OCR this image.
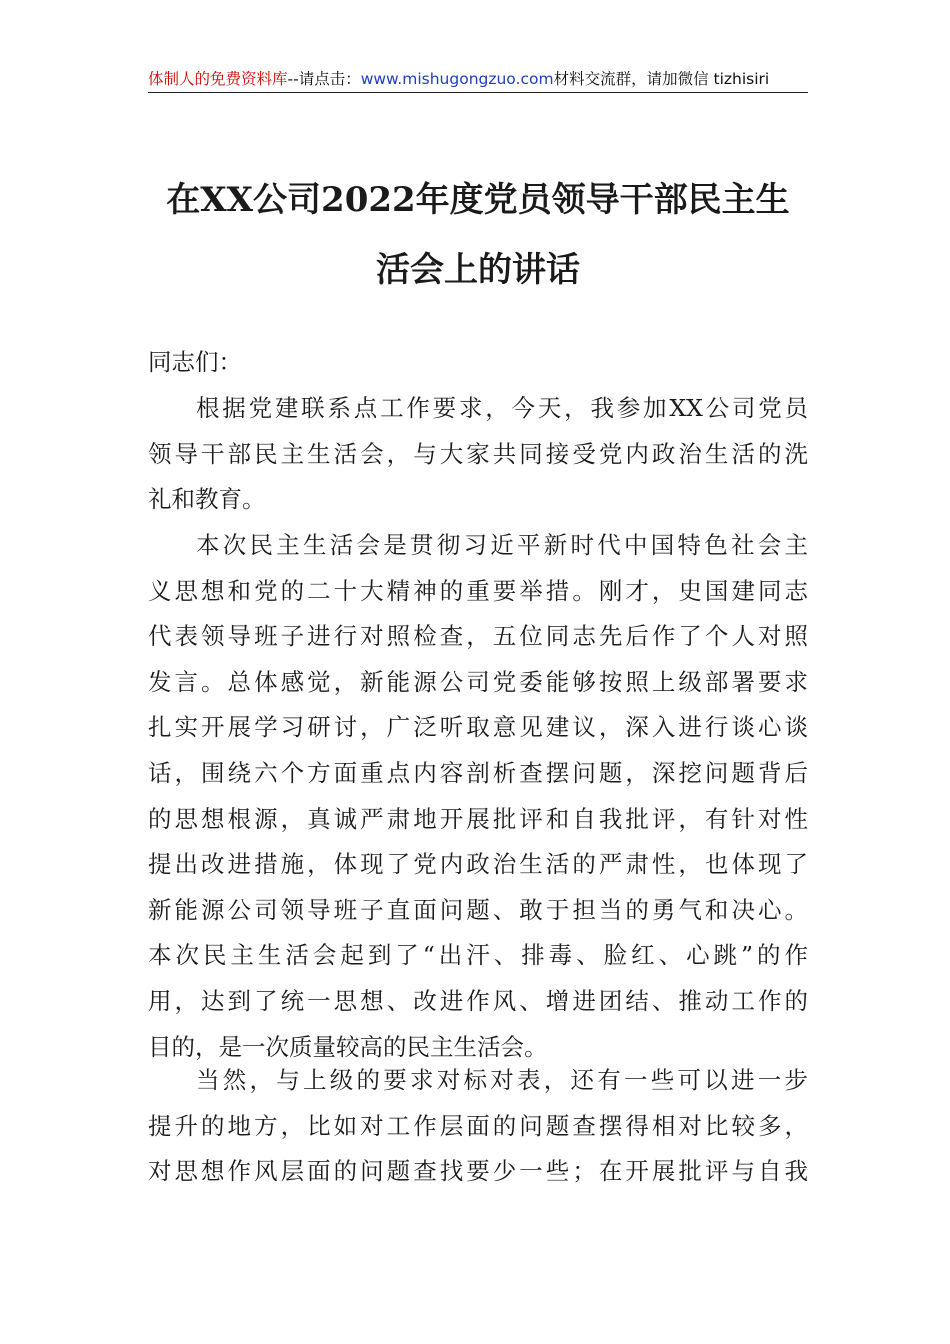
体制人的免费资料库--请点击：www.mishugongzuo.com材料交流群，请加微信 tizhisiri
在XX公司2022年度党员领导干部民主生
活会上的讲话
同志们：
根据党建联系点工作要求，今天，我参加XX公司党员
领导干部民主生活会，与大家共同接受党内政治生活的洗
礼和教育。
本次民主生活会是贯彻习近平新时代中国特色社会主
义思想和党的二十大精神的重要举措。刚才，史国建同志
代表领导班子进行对照检查，五位同志先后作了个人对照
发言。总体感觉，新能源公司党委能够按照上级部署要求
扎实开展学习研讨，广泛听取意见建议，深入进行谈心谈
话，围绕六个方面重点内容剖析查摆问题，深挖问题背后
的思想根源，真诚严肃地开展批评和自我批评，有针对性
提出改进措施，体现了党内政治生活的严肃性，也体现了
新能源公司领导班子直面问题、敢于担当的勇气和决心。
本次民主生活会起到了“出汗、排毒、脸红、心跳”的作
用，达到了统一思想、改进作风、增进团结、推动工作的
目的，是一次质量较高的民主生活会。
当然，与上级的要求对标对表，还有一些可以进一步
提升的地方，比如对工作层面的问题查摆得相对比较多，
对思想作风层面的问题查找要少一些；在开展批评与自我
